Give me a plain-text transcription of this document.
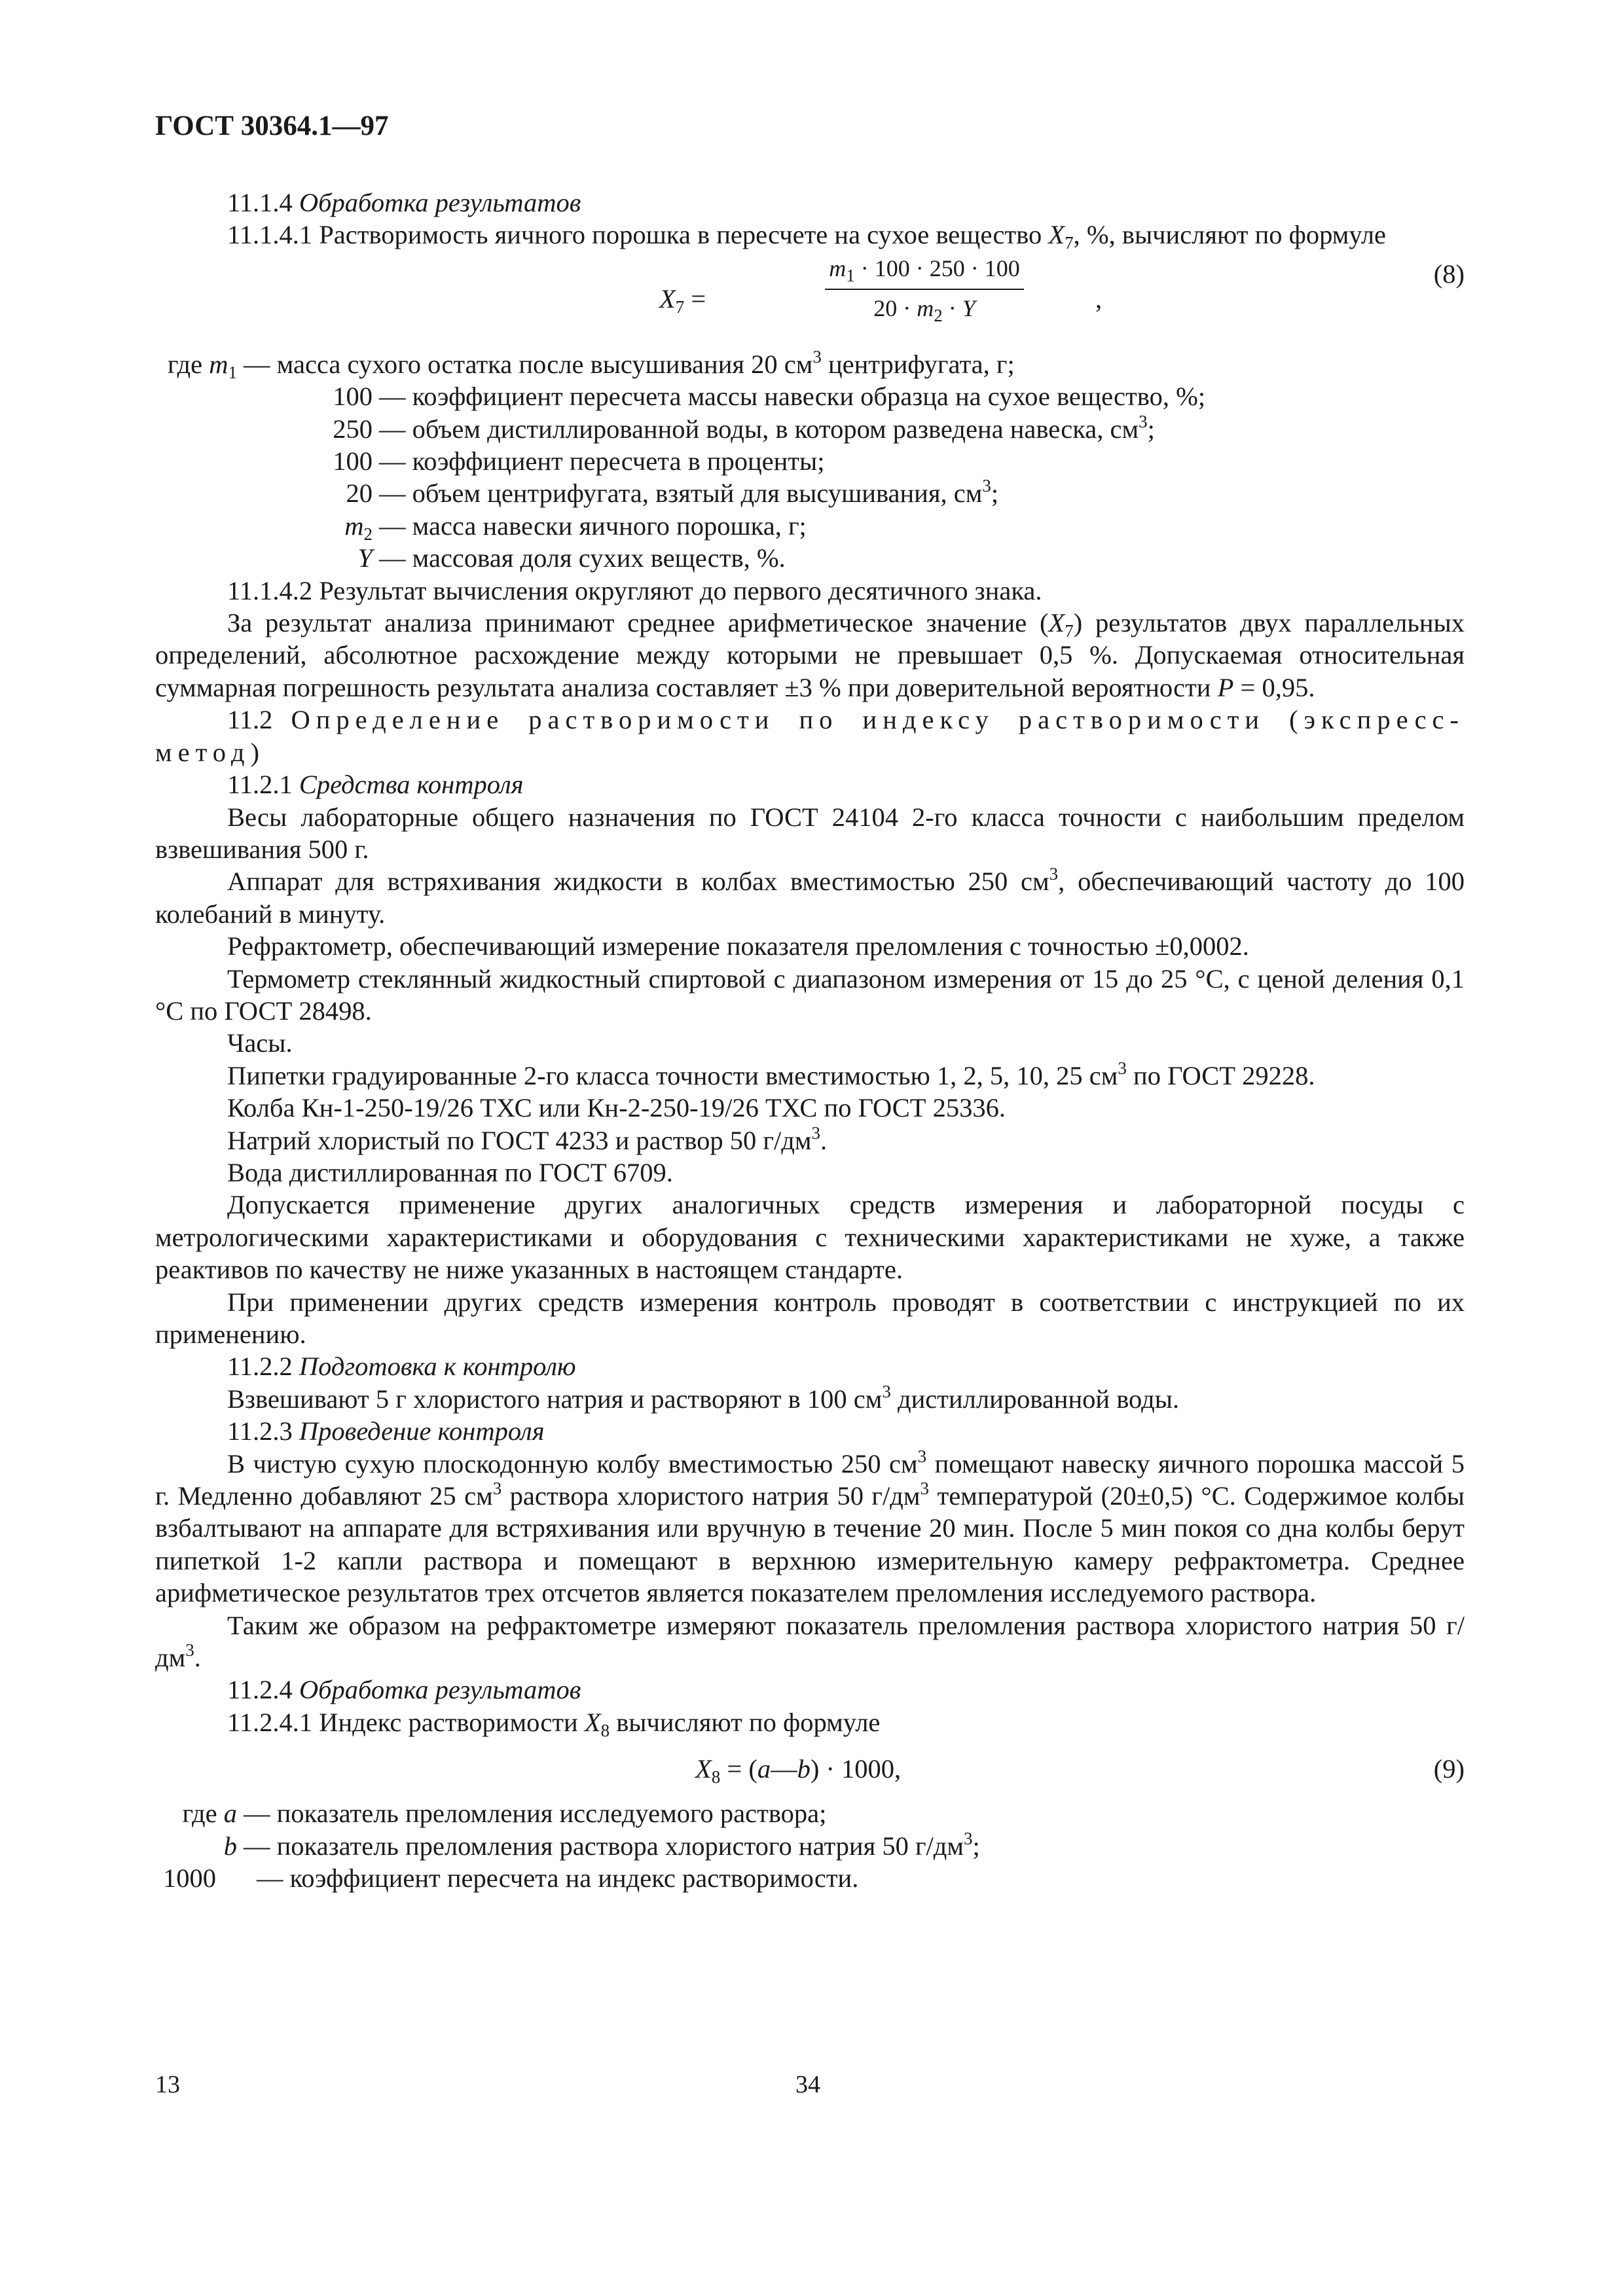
ГОСТ 30364.1—97

11.1.4 Обработка результатов

11.1.4.1 Растворимость яичного порошка в пересчете на сухое вещество $X_7$, %, вычисляют по формуле

$X_7 = \frac{m_1 \cdot 100 \cdot 250 \cdot 100}{20 \cdot m_2 \cdot Y}$ ,
(8)
где $m_1$ — масса сухого остатка после высушивания 20 $см^3$ центрифугата, г;
100 — коэффициент пересчета массы навески образца на сухое вещество, %;
250 — объем дистиллированной воды, в котором разведена навеска, $см^3$;
100 — коэффициент пересчета в проценты;
20 — объем центрифугата, взятый для высушивания, $см^3$;
$m_2$ — масса навески яичного порошка, г;
Y — массовая доля сухих веществ, %.

11.1.4.2 Результат вычисления округляют до первого десятичного знака.

За результат анализа принимают среднее арифметическое значение $(X_7)$ результатов двух параллельных определений, абсолютное расхождение между которыми не превышает 0,5 %. Допускаемая относительная суммарная погрешность результата анализа составляет ±3 % при доверительной вероятности P = 0,95.

11.2 Определение растворимости по индексу растворимости (экспресс-метод)

11.2.1 Средства контроля

Весы лабораторные общего назначения по ГОСТ 24104 2-го класса точности с наибольшим пределом взвешивания 500 г.

Аппарат для встряхивания жидкости в колбах вместимостью 250 $см^3$, обеспечивающий частоту до 100 колебаний в минуту.

Рефрактометр, обеспечивающий измерение показателя преломления с точностью ±0,0002.

Термометр стеклянный жидкостный спиртовой с диапазоном измерения от 15 до 25 °С, с ценой деления 0,1 °С по ГОСТ 28498.

Часы.

Пипетки градуированные 2-го класса точности вместимостью 1, 2, 5, 10, 25 $см^3$ по ГОСТ 29228.

Колба Кн-1-250-19/26 ТХС или Кн-2-250-19/26 ТХС по ГОСТ 25336.

Натрий хлористый по ГОСТ 4233 и раствор 50 $г/дм^3$.

Вода дистиллированная по ГОСТ 6709.

Допускается применение других аналогичных средств измерения и лабораторной посуды с метрологическими характеристиками и оборудования с техническими характеристиками не хуже, а также реактивов по качеству не ниже указанных в настоящем стандарте.

При применении других средств измерения контроль проводят в соответствии с инструкцией по их применению.

11.2.2 Подготовка к контролю

Взвешивают 5 г хлористого натрия и растворяют в 100 $см^3$ дистиллированной воды.

11.2.3 Проведение контроля

В чистую сухую плоскодонную колбу вместимостью 250 $см^3$ помещают навеску яичного порошка массой 5 г. Медленно добавляют 25 $см^3$ раствора хлористого натрия 50 $г/дм^3$ температурой (20±0,5) °С. Содержимое колбы взбалтывают на аппарате для встряхивания или вручную в течение 20 мин. После 5 мин покоя со дна колбы берут пипеткой 1-2 капли раствора и помещают в верхнюю измерительную камеру рефрактометра. Среднее арифметическое результатов трех отсчетов является показателем преломления исследуемого раствора.

Таким же образом на рефрактометре измеряют показатель преломления раствора хлористого натрия 50 $г/дм^3$.

11.2.4 Обработка результатов

11.2.4.1 Индекс растворимости $X_8$ вычисляют по формуле

$X_8$ = (a—b) · 1000,	(9)
где a — показатель преломления исследуемого раствора;
b — показатель преломления раствора хлористого натрия 50 $г/дм^3$;
1000	— коэффициент пересчета на индекс растворимости.
13	34
